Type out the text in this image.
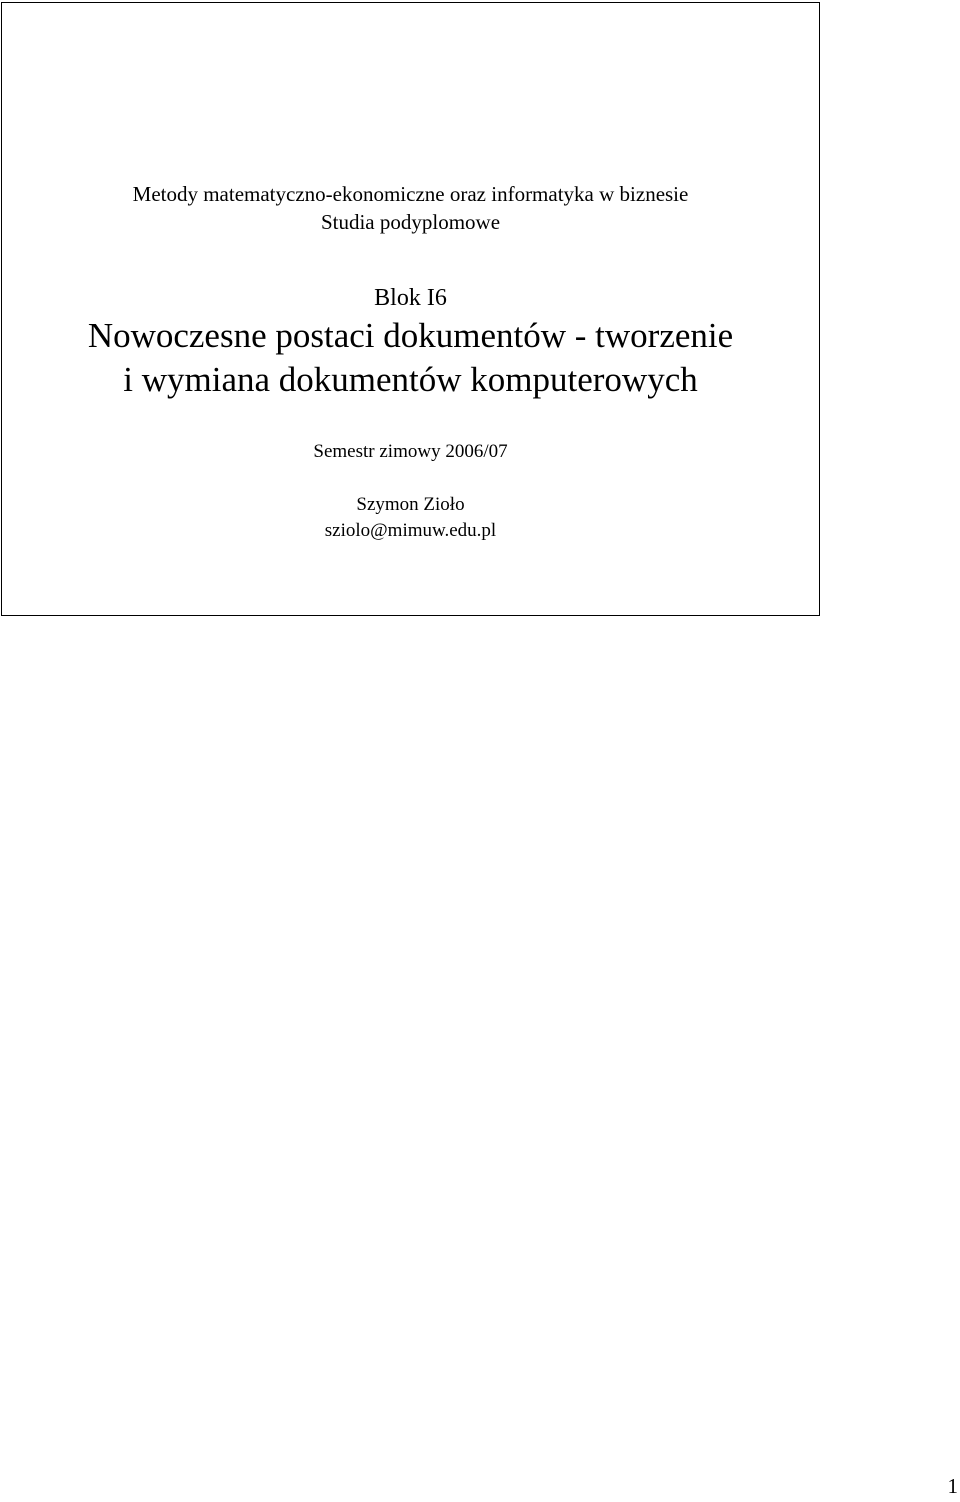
Metody matematyczno-ekonomiczne oraz informatyka w biznesie
Studia podyplomowe
Blok I6
Nowoczesne postaci dokumentów - tworzenie
i wymiana dokumentów komputerowych
Semestr zimowy 2006/07
Szymon Zioło
sziolo@mimuw.edu.pl
1
